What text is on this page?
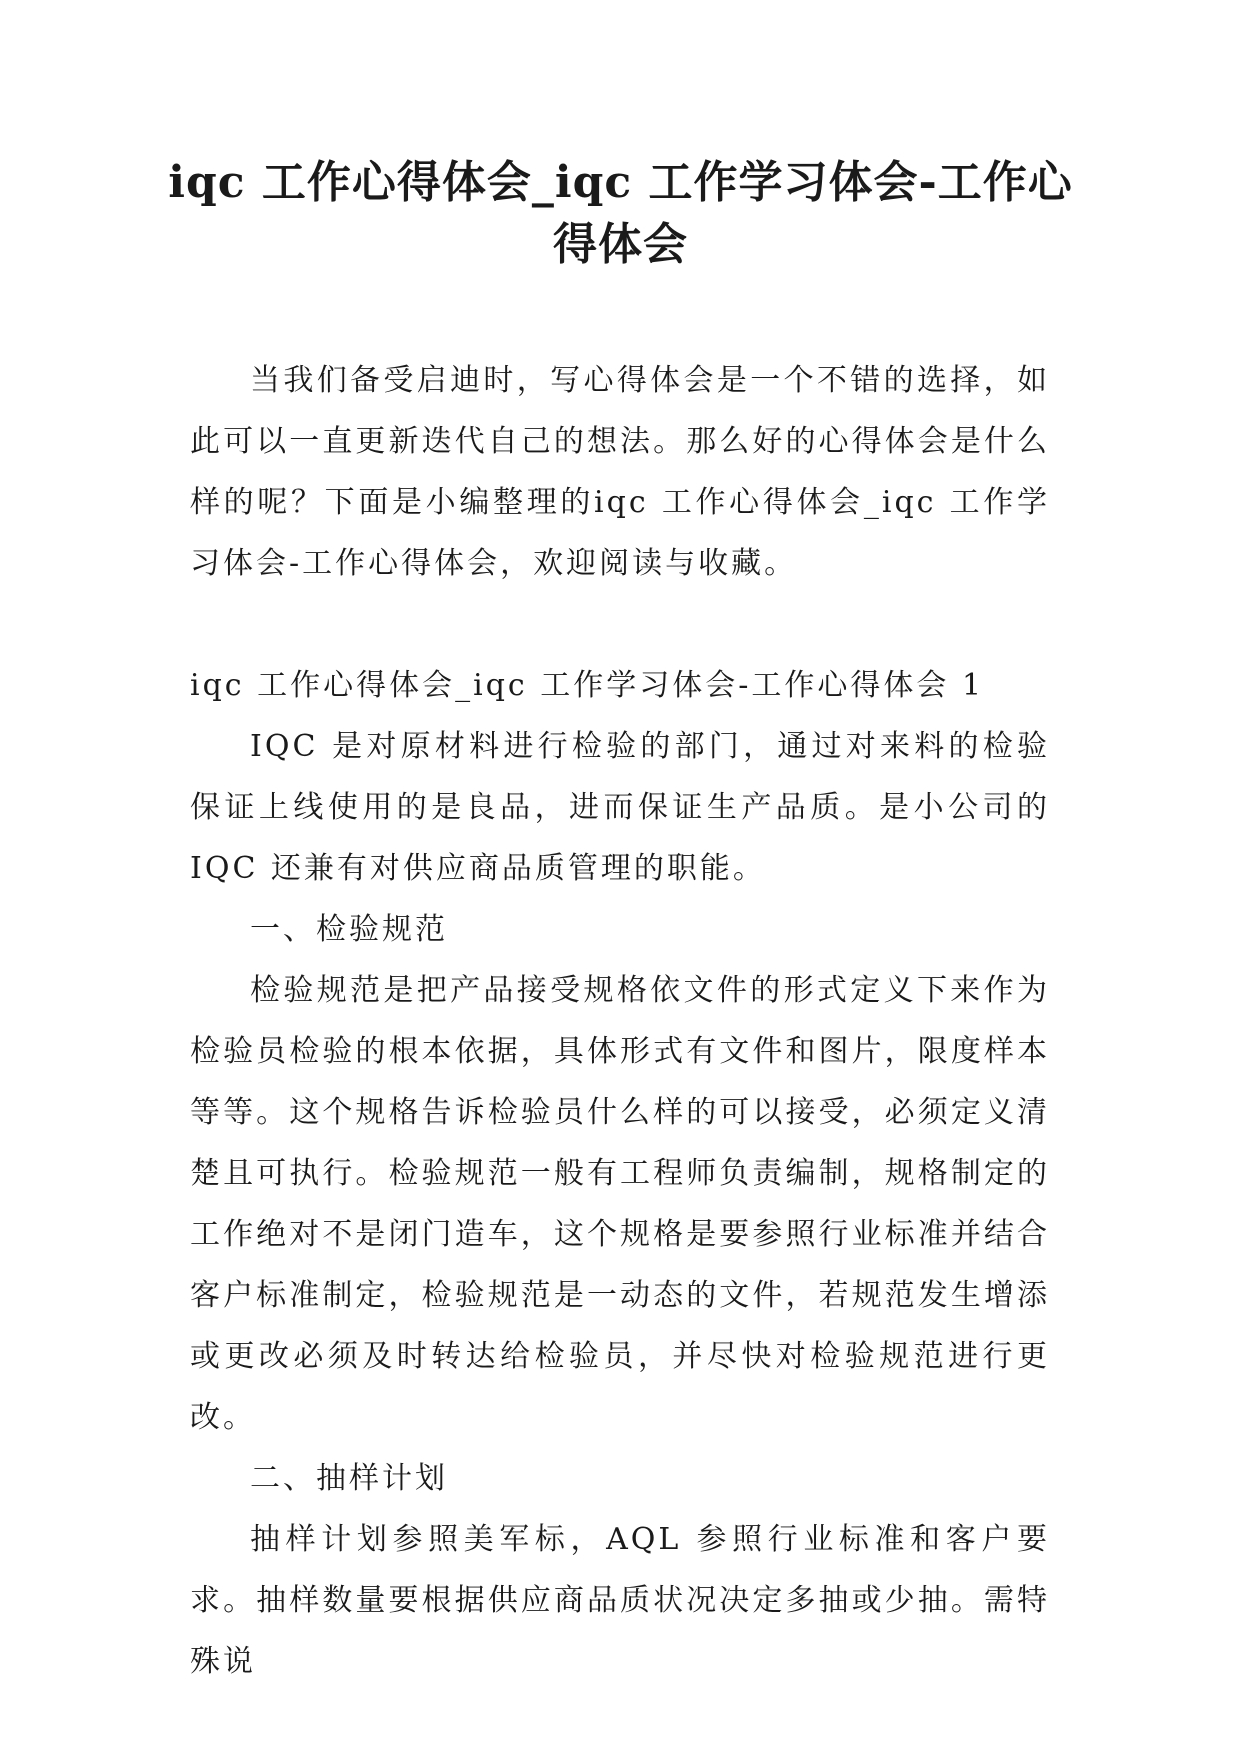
iqc 工作心得体会_iqc 工作学习体会-工作心得体会

当我们备受启迪时，写心得体会是一个不错的选择，如此可以一直更新迭代自己的想法。那么好的心得体会是什么样的呢？下面是小编整理的iqc 工作心得体会_iqc 工作学习体会-工作心得体会，欢迎阅读与收藏。

iqc 工作心得体会_iqc 工作学习体会-工作心得体会 1

IQC 是对原材料进行检验的部门，通过对来料的检验保证上线使用的是良品，进而保证生产品质。是小公司的 IQC 还兼有对供应商品质管理的职能。

一、检验规范

检验规范是把产品接受规格依文件的形式定义下来作为检验员检验的根本依据，具体形式有文件和图片，限度样本等等。这个规格告诉检验员什么样的可以接受，必须定义清楚且可执行。检验规范一般有工程师负责编制，规格制定的工作绝对不是闭门造车，这个规格是要参照行业标准并结合客户标准制定，检验规范是一动态的文件，若规范发生增添或更改必须及时转达给检验员，并尽快对检验规范进行更改。

二、抽样计划

抽样计划参照美军标，AQL 参照行业标准和客户要求。抽样数量要根据供应商品质状况决定多抽或少抽。需特殊说
